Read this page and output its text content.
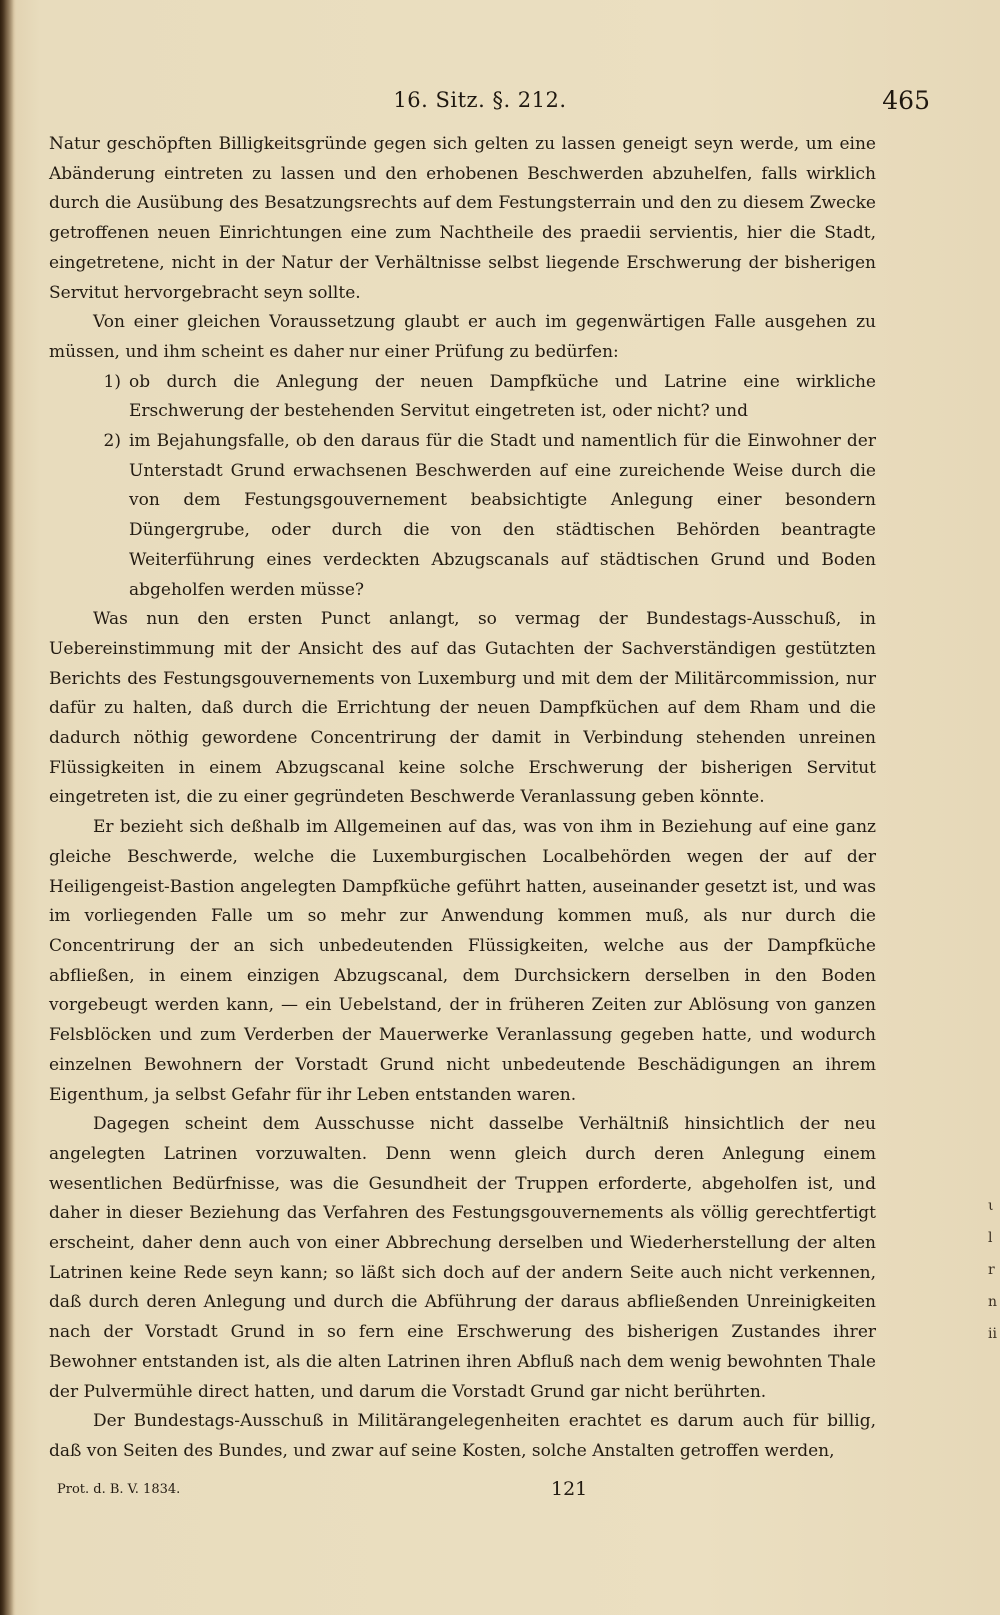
16. Sitz. §. 212.	465

Natur geschöpften Billigkeitsgründe gegen sich gelten zu lassen geneigt seyn werde, um eine Abänderung eintreten zu lassen und den erhobenen Beschwerden abzuhelfen, falls wirklich durch die Ausübung des Besatzungsrechts auf dem Festungsterrain und den zu diesem Zwecke getroffenen neuen Einrichtungen eine zum Nachtheile des praedii servientis, hier die Stadt, eingetretene, nicht in der Natur der Verhältnisse selbst liegende Erschwerung der bisherigen Servitut hervorgebracht seyn sollte.

Von einer gleichen Voraussetzung glaubt er auch im gegenwärtigen Falle ausgehen zu müssen, und ihm scheint es daher nur einer Prüfung zu bedürfen:

1) ob durch die Anlegung der neuen Dampfküche und Latrine eine wirkliche Erschwerung der bestehenden Servitut eingetreten ist, oder nicht? und
2) im Bejahungsfalle, ob den daraus für die Stadt und namentlich für die Einwohner der Unterstadt Grund erwachsenen Beschwerden auf eine zureichende Weise durch die von dem Festungsgouvernement beabsichtigte Anlegung einer besondern Düngergrube, oder durch die von den städtischen Behörden beantragte Weiterführung eines verdeckten Abzugscanals auf städtischen Grund und Boden abgeholfen werden müsse?

Was nun den ersten Punct anlangt, so vermag der Bundestags-Ausschuß, in Uebereinstimmung mit der Ansicht des auf das Gutachten der Sachverständigen gestützten Berichts des Festungsgouvernements von Luxemburg und mit dem der Militärcommission, nur dafür zu halten, daß durch die Errichtung der neuen Dampfküchen auf dem Rham und die dadurch nöthig gewordene Concentrirung der damit in Verbindung stehenden unreinen Flüssigkeiten in einem Abzugscanal keine solche Erschwerung der bisherigen Servitut eingetreten ist, die zu einer gegründeten Beschwerde Veranlassung geben könnte.

Er bezieht sich deßhalb im Allgemeinen auf das, was von ihm in Beziehung auf eine ganz gleiche Beschwerde, welche die Luxemburgischen Localbehörden wegen der auf der Heiligengeist-Bastion angelegten Dampfküche geführt hatten, auseinander gesetzt ist, und was im vorliegenden Falle um so mehr zur Anwendung kommen muß, als nur durch die Concentrirung der an sich unbedeutenden Flüssigkeiten, welche aus der Dampfküche abfließen, in einem einzigen Abzugscanal, dem Durchsickern derselben in den Boden vorgebeugt werden kann, — ein Uebelstand, der in früheren Zeiten zur Ablösung von ganzen Felsblöcken und zum Verderben der Mauerwerke Veranlassung gegeben hatte, und wodurch einzelnen Bewohnern der Vorstadt Grund nicht unbedeutende Beschädigungen an ihrem Eigenthum, ja selbst Gefahr für ihr Leben entstanden waren.

Dagegen scheint dem Ausschusse nicht dasselbe Verhältniß hinsichtlich der neu angelegten Latrinen vorzuwalten. Denn wenn gleich durch deren Anlegung einem wesentlichen Bedürfnisse, was die Gesundheit der Truppen erforderte, abgeholfen ist, und daher in dieser Beziehung das Verfahren des Festungsgouvernements als völlig gerechtfertigt erscheint, daher denn auch von einer Abbrechung derselben und Wiederherstellung der alten Latrinen keine Rede seyn kann; so läßt sich doch auf der andern Seite auch nicht verkennen, daß durch deren Anlegung und durch die Abführung der daraus abfließenden Unreinigkeiten nach der Vorstadt Grund in so fern eine Erschwerung des bisherigen Zustandes ihrer Bewohner entstanden ist, als die alten Latrinen ihren Abfluß nach dem wenig bewohnten Thale der Pulvermühle direct hatten, und darum die Vorstadt Grund gar nicht berührten.

Der Bundestags-Ausschuß in Militärangelegenheiten erachtet es darum auch für billig, daß von Seiten des Bundes, und zwar auf seine Kosten, solche Anstalten getroffen werden,

Prot. d. B. V. 1834.	121
ι
l
r
n
ii
